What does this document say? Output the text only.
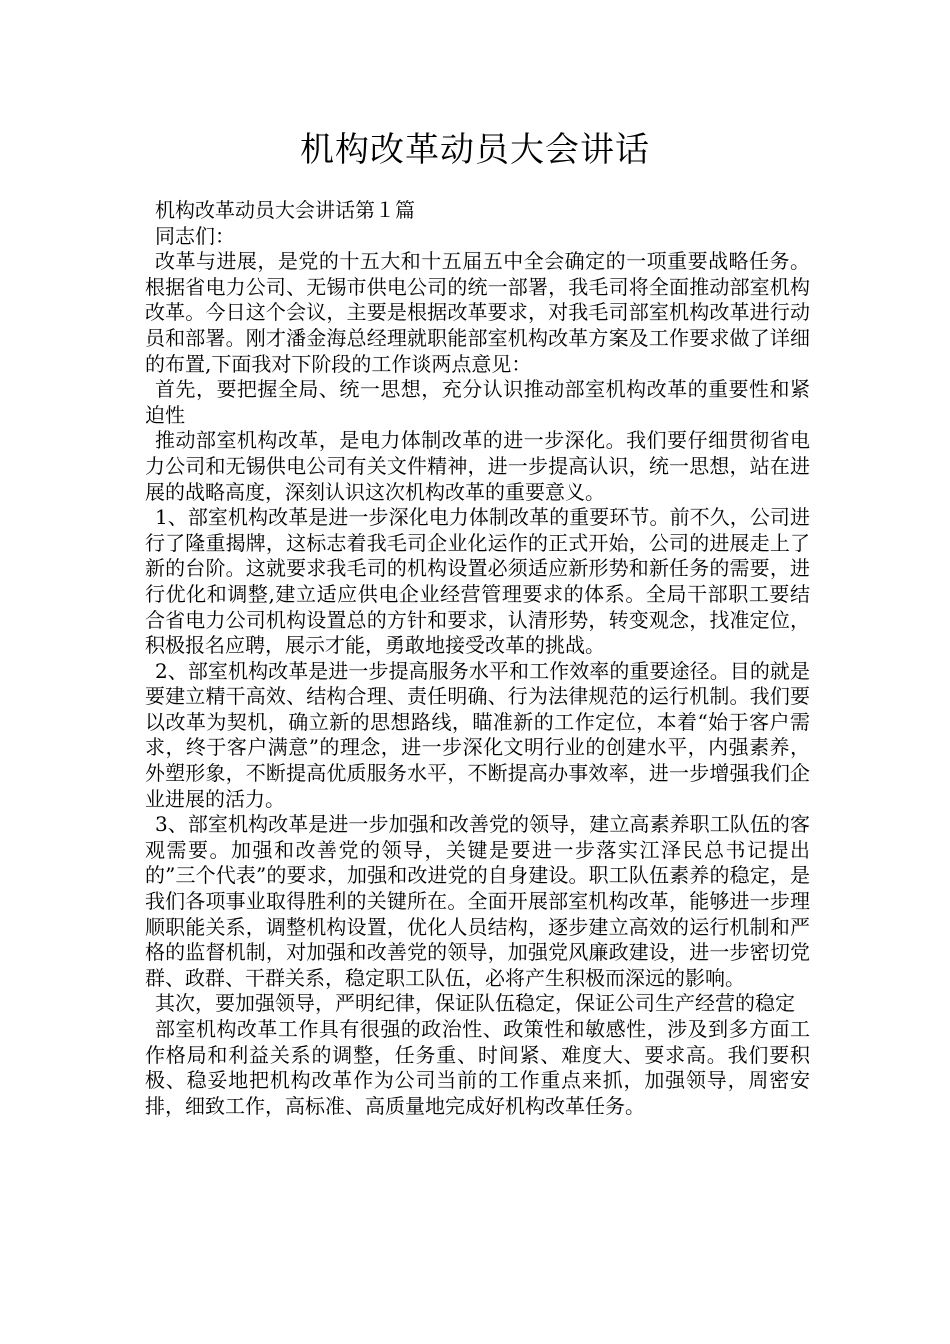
机构改革动员大会讲话

机构改革动员大会讲话第１篇

同志们：

改革与进展，是党的十五大和十五届五中全会确定的一项重要战略任务。根据省电力公司、无锡市供电公司的统一部署，我毛司将全面推动部室机构改革。今日这个会议，主要是根据改革要求，对我毛司部室机构改革进行动员和部署。刚才潘金海总经理就职能部室机构改革方案及工作要求做了详细的布置,下面我对下阶段的工作谈两点意见：

首先，要把握全局、统一思想，充分认识推动部室机构改革的重要性和紧迫性

推动部室机构改革，是电力体制改革的进一步深化。我们要仔细贯彻省电力公司和无锡供电公司有关文件精神，进一步提高认识，统一思想，站在进展的战略高度，深刻认识这次机构改革的重要意义。

1、部室机构改革是进一步深化电力体制改革的重要环节。前不久，公司进行了隆重揭牌，这标志着我毛司企业化运作的正式开始，公司的进展走上了新的台阶。这就要求我毛司的机构设置必须适应新形势和新任务的需要，进行优化和调整,建立适应供电企业经营管理要求的体系。全局干部职工要结合省电力公司机构设置总的方针和要求，认清形势，转变观念，找准定位，积极报名应聘，展示才能，勇敢地接受改革的挑战。

2、部室机构改革是进一步提高服务水平和工作效率的重要途径。目的就是要建立精干高效、结构合理、责任明确、行为法律规范的运行机制。我们要以改革为契机，确立新的思想路线，瞄准新的工作定位，本着“始于客户需求，终于客户满意”的理念，进一步深化文明行业的创建水平，内强素养，外塑形象，不断提高优质服务水平，不断提高办事效率，进一步增强我们企业进展的活力。

3、部室机构改革是进一步加强和改善党的领导，建立高素养职工队伍的客观需要。加强和改善党的领导，关键是要进一步落实江泽民总书记提出的”三个代表”的要求，加强和改进党的自身建设。职工队伍素养的稳定，是我们各项事业取得胜利的关键所在。全面开展部室机构改革，能够进一步理顺职能关系，调整机构设置，优化人员结构，逐步建立高效的运行机制和严格的监督机制，对加强和改善党的领导，加强党风廉政建设，进一步密切党群、政群、干群关系，稳定职工队伍，必将产生积极而深远的影响。

其次，要加强领导，严明纪律，保证队伍稳定，保证公司生产经营的稳定

部室机构改革工作具有很强的政治性、政策性和敏感性，涉及到多方面工作格局和利益关系的调整，任务重、时间紧、难度大、要求高。我们要积极、稳妥地把机构改革作为公司当前的工作重点来抓，加强领导，周密安排，细致工作，高标准、高质量地完成好机构改革任务。
